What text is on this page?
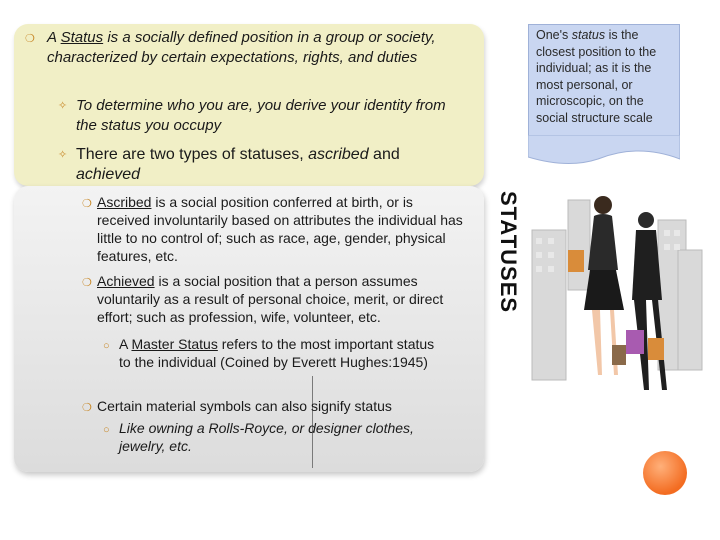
❍ A Status is a socially defined position in a group or society, characterized by certain expectations, rights, and duties
✧ To determine who you are, you derive your identity from the status you occupy
✧ There are two types of statuses, ascribed and
achieved
❍ Ascribed is a social position conferred at birth, or is received involuntarily based on attributes the individual has little to no control of; such as race, age, gender, physical features, etc.
❍ Achieved is a social position that a person assumes voluntarily as a result of personal choice, merit, or direct effort; such as profession, wife, volunteer, etc.
○ A Master Status refers to the most important status to the individual (Coined by Everett Hughes:1945)
❍ Certain material symbols can also signify status
○ Like owning a Rolls-Royce, or designer clothes, jewelry, etc.
One's status is the closest position to the individual; as it is the most personal, or microscopic, on the social structure scale
STATUSES
